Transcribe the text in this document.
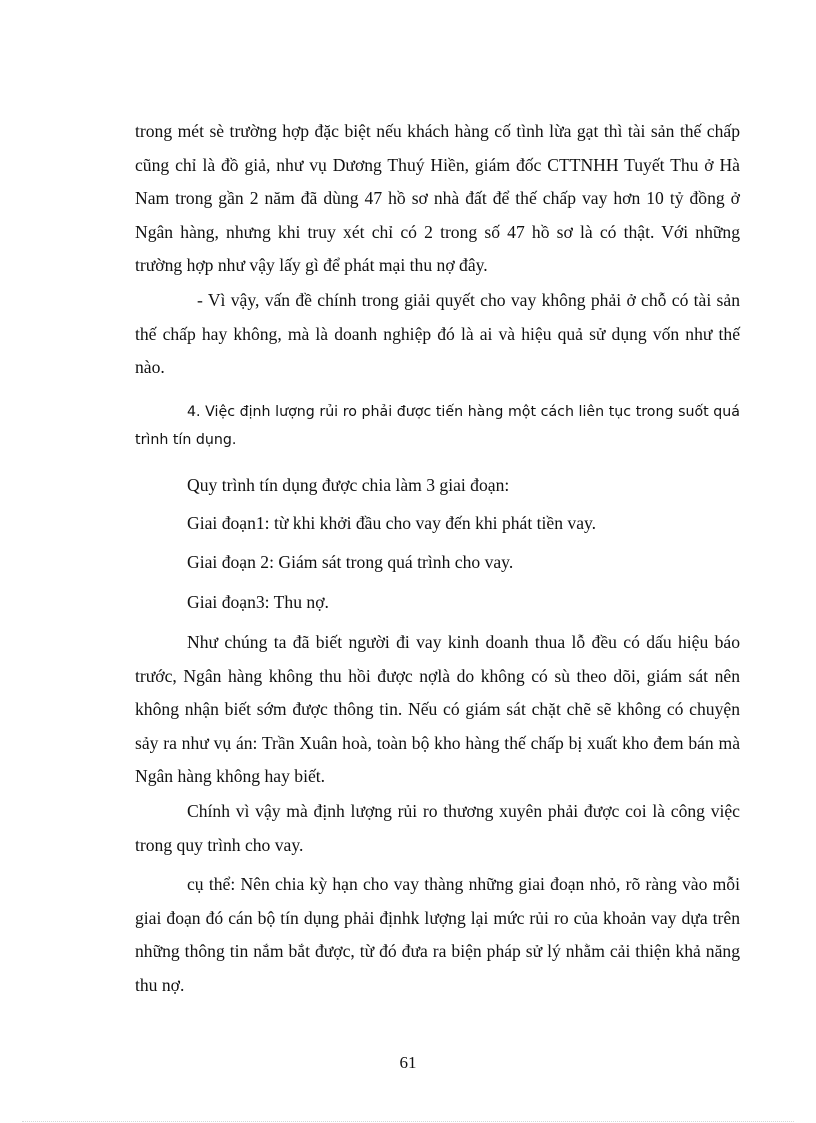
trong mét sè trường hợp đặc biệt nếu khách hàng cố tình lừa gạt thì tài sản thế chấp cũng chỉ là đồ giả, như vụ Dương Thuý Hiền, giám đốc CTTNHH Tuyết Thu ở Hà Nam trong gần 2 năm đã dùng 47 hồ sơ nhà đất để thế chấp vay hơn 10 tỷ đồng ở Ngân hàng, nhưng khi truy xét chỉ có 2 trong số 47 hồ sơ là có thật. Với những trường hợp như vậy lấy gì để phát mại thu nợ đây.

- Vì vậy, vấn đề chính trong giải quyết cho vay không phải ở chỗ có tài sản thế chấp hay không, mà là doanh nghiệp đó là ai và hiệu quả sử dụng vốn như thế nào.

4. Việc định lượng rủi ro phải được tiến hàng một cách liên tục trong suốt quá trình tín dụng.

Quy trình tín dụng được chia làm 3 giai đoạn:

Giai đoạn1: từ khi khởi đầu cho vay đến khi phát tiền vay.

Giai đoạn 2: Giám sát trong quá trình cho vay.

Giai đoạn3: Thu nợ.

Như chúng ta đã biết người đi vay kinh doanh thua lỗ đều có dấu hiệu báo trước, Ngân hàng không thu hồi được nợlà do không có sù theo dõi, giám sát nên không nhận biết sớm được thông tin. Nếu có giám sát chặt chẽ sẽ không có chuyện sảy ra như vụ án: Trần Xuân hoà, toàn bộ kho hàng thế chấp bị xuất kho đem bán mà Ngân hàng không hay biết.

Chính vì vậy mà định lượng rủi ro thương xuyên phải được coi là công việc trong quy trình cho vay.

cụ thể: Nên chia kỳ hạn cho vay thàng những giai đoạn nhỏ, rõ ràng vào mỗi giai đoạn đó cán bộ tín dụng phải địnhk lượng lại mức rủi ro của khoản vay dựa trên những thông tin nắm bắt được, từ đó đưa ra biện pháp sử lý nhằm cải thiện khả năng thu nợ.

61
